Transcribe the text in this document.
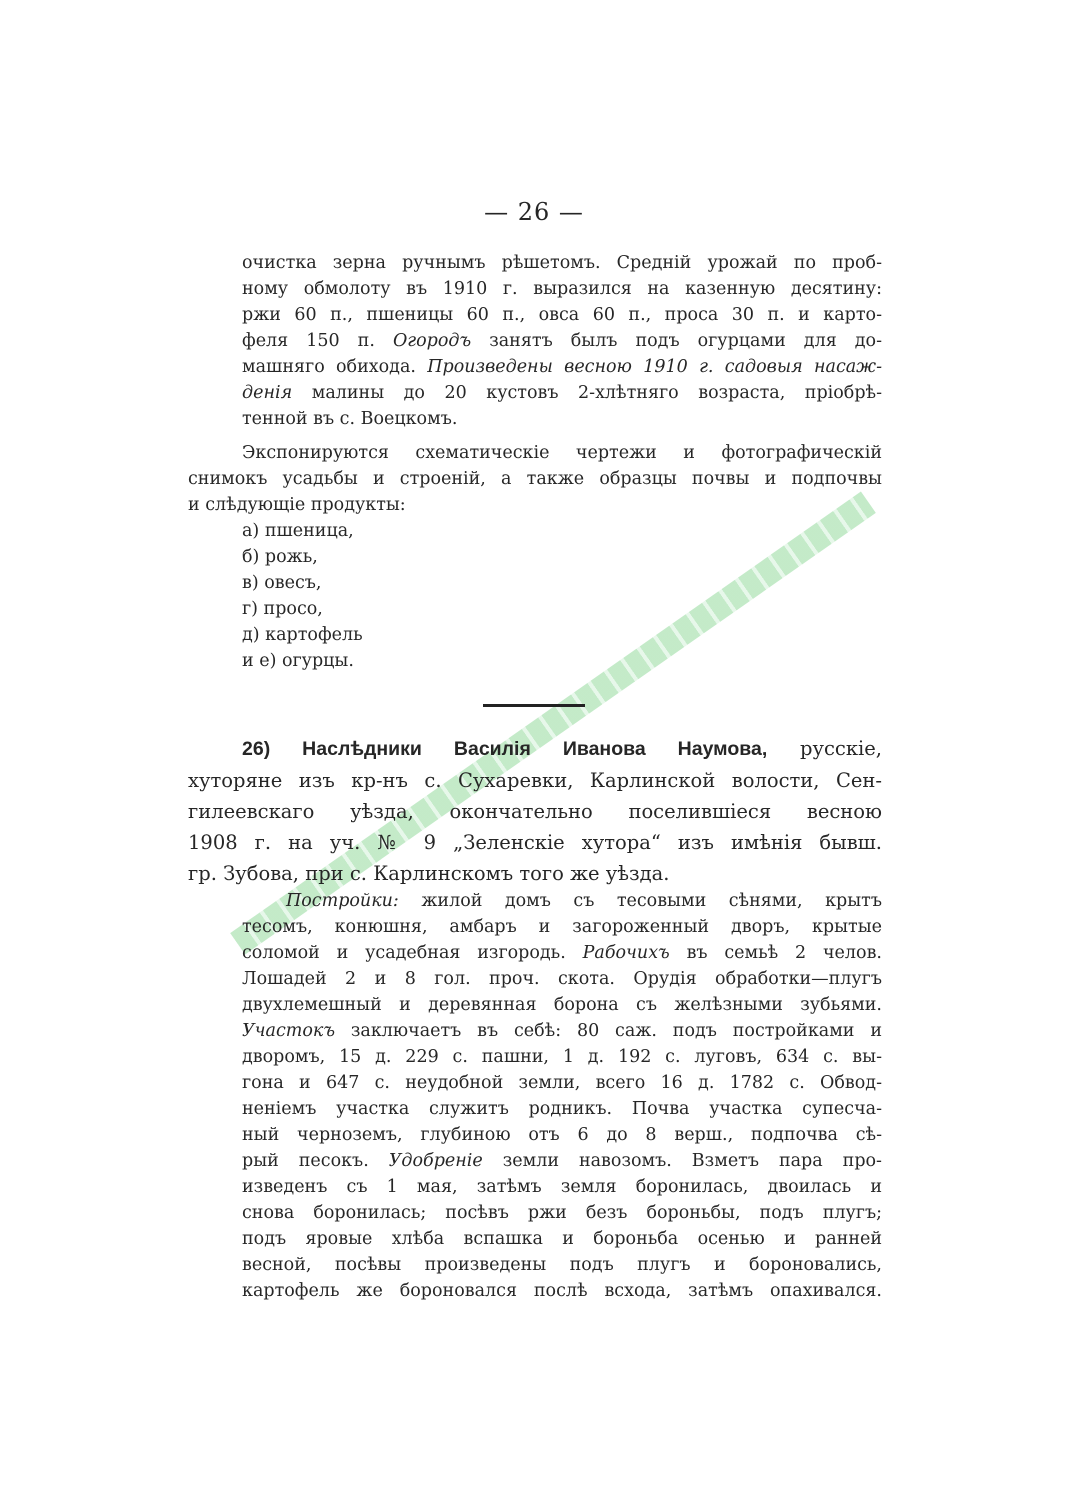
— 26 —
очистка зерна ручнымъ рѣшетомъ. Среднiй урожай по проб-
ному обмолоту въ 1910 г. выразился на казенную десятину:
ржи 60 п., пшеницы 60 п., овса 60 п., проса 30 п. и карто-
феля 150 п. Огородъ занятъ былъ подъ огурцами для до-
машняго обихода. Произведены весною 1910 г. садовыя насаж-
денiя малины до 20 кустовъ 2-хлѣтняго возраста, прiобрѣ-
тенной въ с. Воецкомъ.
Экспонируются схематическiе чертежи и фотографическiй
снимокъ усадьбы и строенiй, а также образцы почвы и подпочвы
и слѣдующiе продукты:
а) пшеница,
б) рожь,
в) овесъ,
г) просо,
д) картофель
и е) огурцы.
26) Наслѣдники Василiя Иванова Наумова, русскiе,
хуторяне изъ кр-нъ с. Сухаревки, Карлинской волости, Сен-
гилеевскаго уѣзда, окончательно поселившiеся весною
1908 г. на уч. № 9 „Зеленскiе хутора“ изъ имѣнiя бывш.
гр. Зубова, при с. Карлинскомъ того же уѣзда.
Постройки: жилой домъ съ тесовыми сѣнями, крытъ
тесомъ, конюшня, амбаръ и загороженный дворъ, крытые
соломой и усадебная изгородь. Рабочихъ въ семьѣ 2 челов.
Лошадей 2 и 8 гол. проч. скота. Орудiя обработки—плугъ
двухлемешный и деревянная борона съ желѣзными зубьями.
Участокъ заключаетъ въ себѣ: 80 саж. подъ постройками и
дворомъ, 15 д. 229 с. пашни, 1 д. 192 с. луговъ, 634 с. вы-
гона и 647 с. неудобной земли, всего 16 д. 1782 с. Обвод-
ненiемъ участка служитъ родникъ. Почва участка супесча-
ный черноземъ, глубиною отъ 6 до 8 верш., подпочва сѣ-
рый песокъ. Удобренiе земли навозомъ. Взметъ пара про-
изведенъ съ 1 мая, затѣмъ земля боронилась, двоилась и
снова боронилась; посѣвъ ржи безъ бороньбы, подъ плугъ;
подъ яровые хлѣба вспашка и бороньба осенью и ранней
весной, посѣвы произведены подъ плугъ и бороновались,
картофель же бороновался послѣ всхода, затѣмъ опахивался.
